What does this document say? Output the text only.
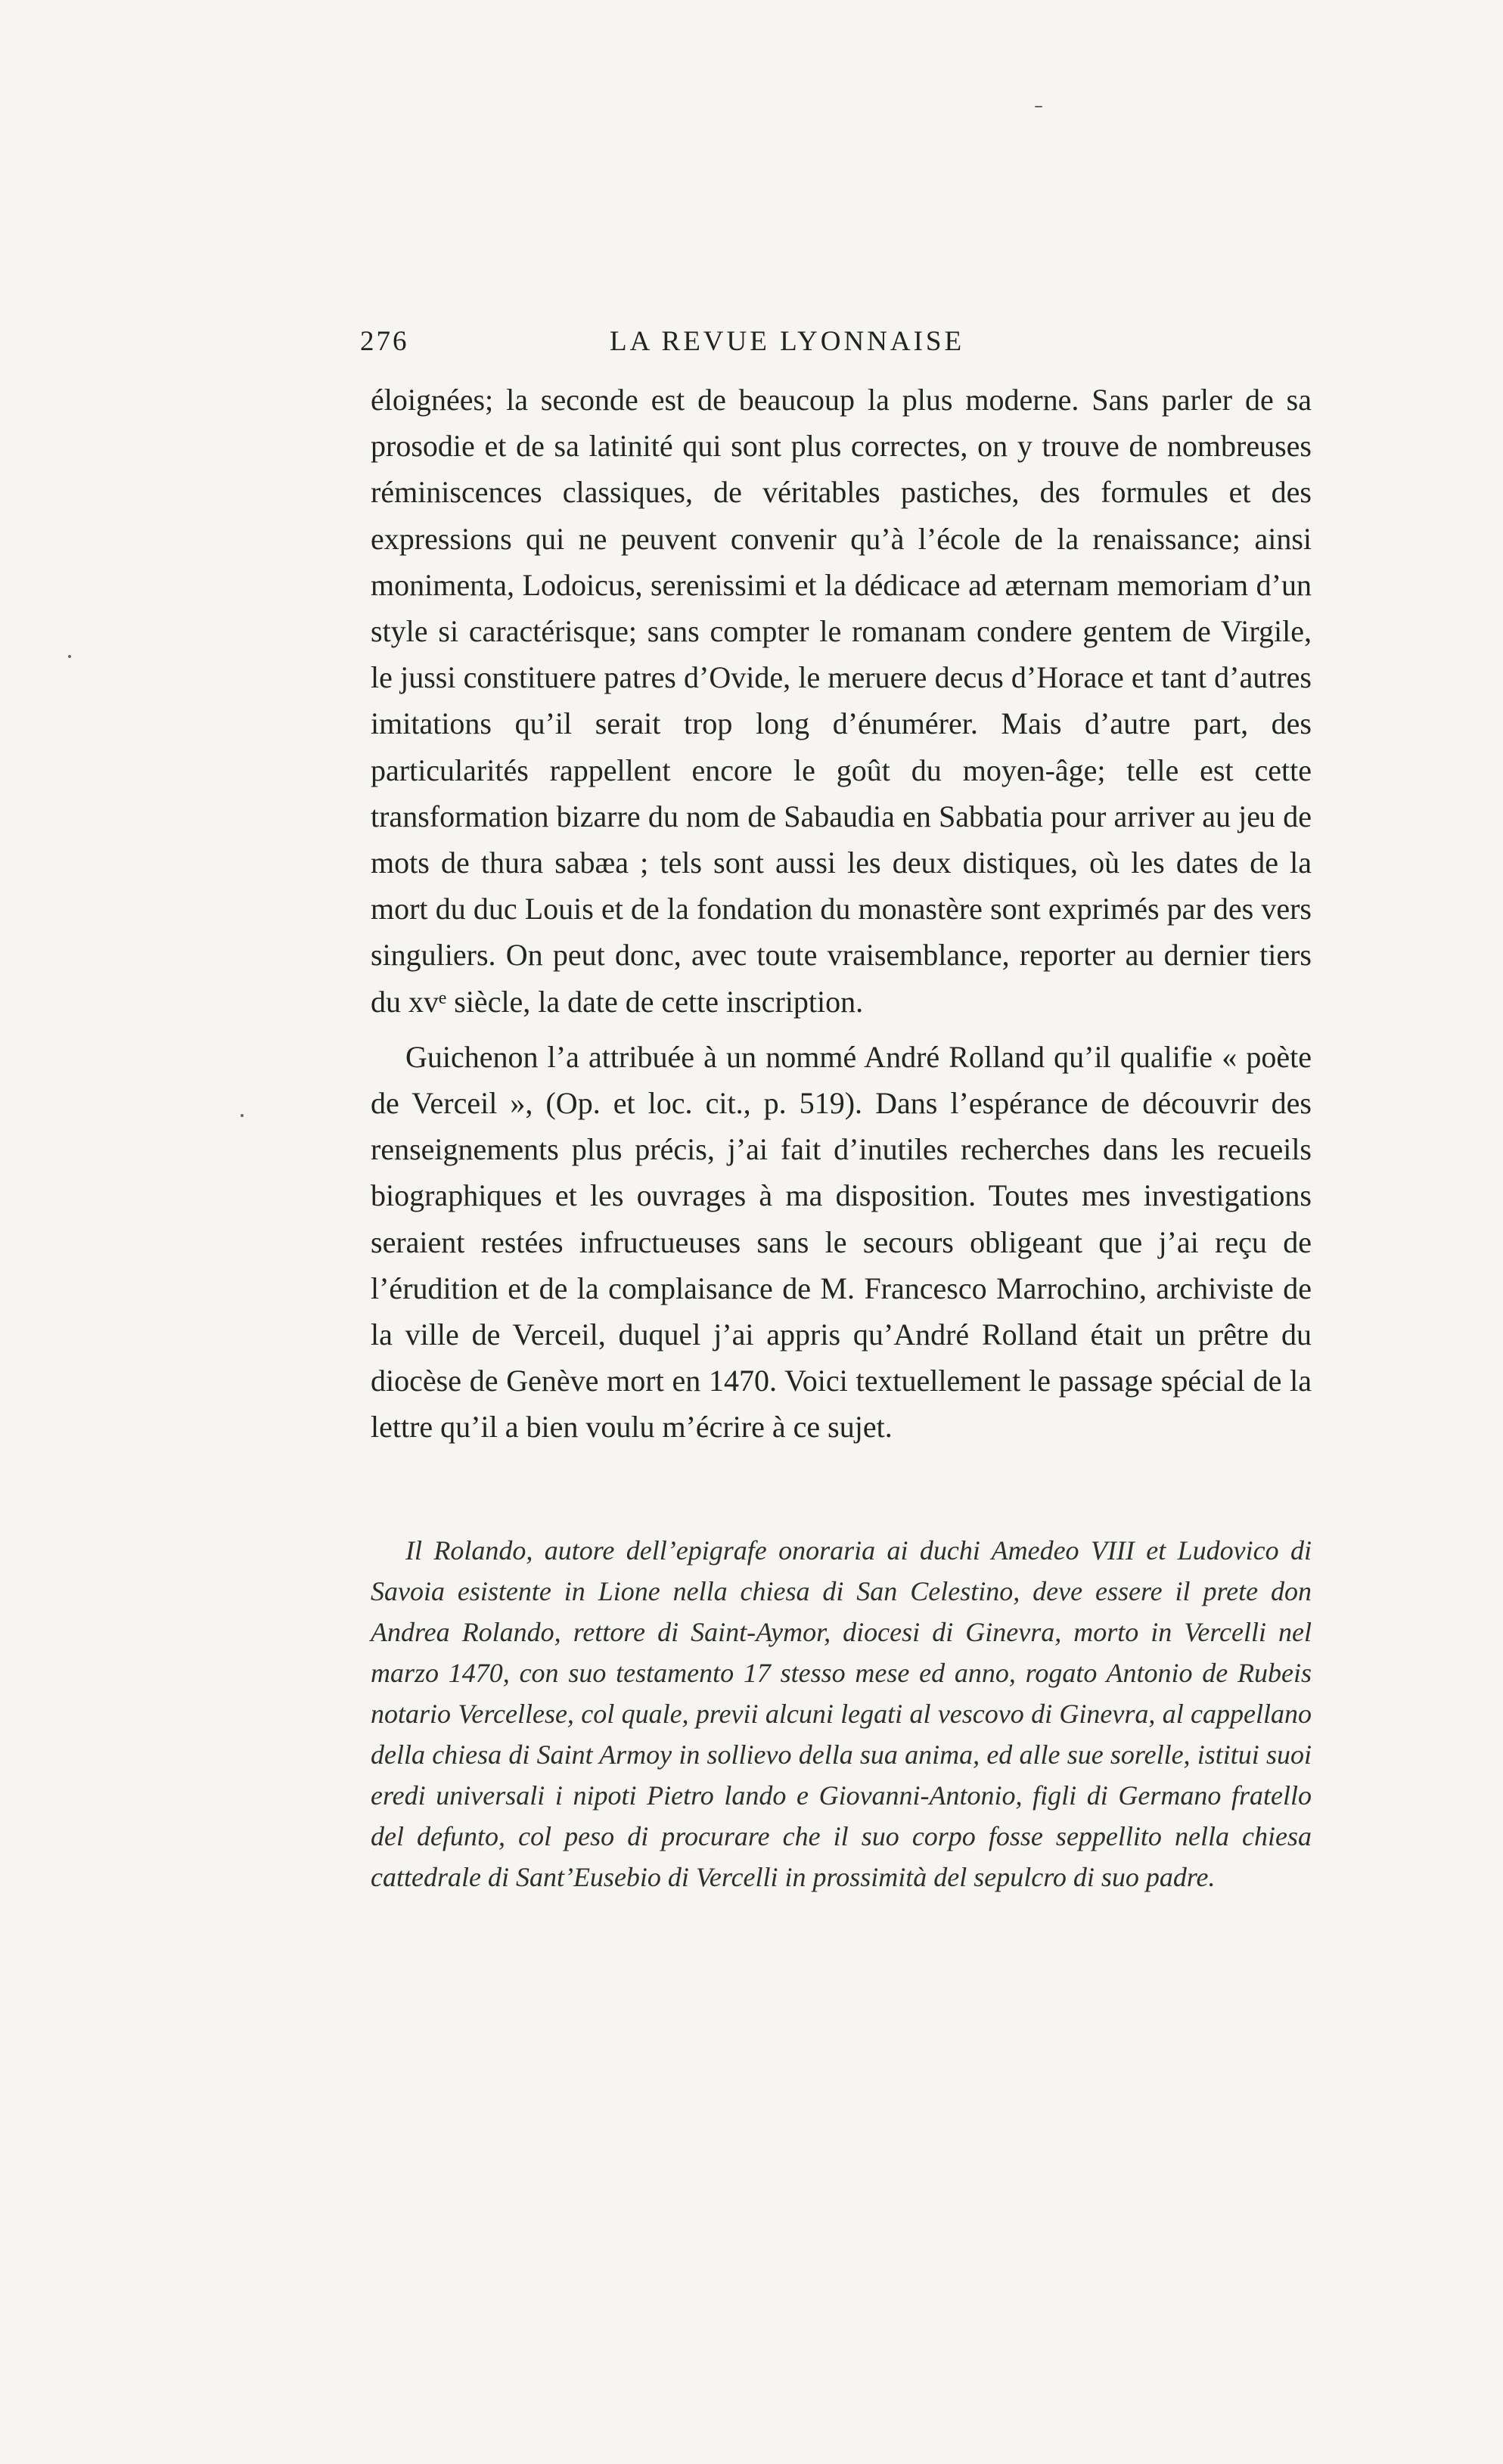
276	LA REVUE LYONNAISE

éloignées; la seconde est de beaucoup la plus moderne. Sans parler de sa prosodie et de sa latinité qui sont plus correctes, on y trouve de nombreuses réminiscences classiques, de véritables pastiches, des formules et des expressions qui ne peuvent convenir qu’à l’école de la renaissance; ainsi monimenta, Lodoicus, serenissimi et la dédicace ad æternam memoriam d’un style si caractérisque; sans compter le romanam condere gentem de Virgile, le jussi constituere patres d’Ovide, le meruere decus d’Horace et tant d’autres imitations qu’il serait trop long d’énumérer. Mais d’autre part, des particularités rappellent encore le goût du moyen-âge; telle est cette transformation bizarre du nom de Sabaudia en Sabbatia pour arriver au jeu de mots de thura sabæa ; tels sont aussi les deux distiques, où les dates de la mort du duc Louis et de la fondation du monastère sont exprimés par des vers singuliers. On peut donc, avec toute vraisemblance, reporter au dernier tiers du xvᵉ siècle, la date de cette inscription.

Guichenon l’a attribuée à un nommé André Rolland qu’il qualifie « poète de Verceil », (Op. et loc. cit., p. 519). Dans l’espérance de découvrir des renseignements plus précis, j’ai fait d’inutiles recherches dans les recueils biographiques et les ouvrages à ma disposition. Toutes mes investigations seraient restées infructueuses sans le secours obligeant que j’ai reçu de l’érudition et de la complaisance de M. Francesco Marrochino, archiviste de la ville de Verceil, duquel j’ai appris qu’André Rolland était un prêtre du diocèse de Genève mort en 1470. Voici textuellement le passage spécial de la lettre qu’il a bien voulu m’écrire à ce sujet.

Il Rolando, autore dell’epigrafe onoraria ai duchi Amedeo VIII et Ludovico di Savoia esistente in Lione nella chiesa di San Celestino, deve essere il prete don Andrea Rolando, rettore di Saint-Aymor, diocesi di Ginevra, morto in Vercelli nel marzo 1470, con suo testamento 17 stesso mese ed anno, rogato Antonio de Rubeis notario Vercellese, col quale, previi alcuni legati al vescovo di Ginevra, al cappellano della chiesa di Saint Armoy in sollievo della sua anima, ed alle sue sorelle, istitui suoi eredi universali i nipoti Pietro lando e Giovanni-Antonio, figli di Germano fratello del defunto, col peso di procurare che il suo corpo fosse seppellito nella chiesa cattedrale di Sant’Eusebio di Vercelli in prossimità del sepulcro di suo padre.
